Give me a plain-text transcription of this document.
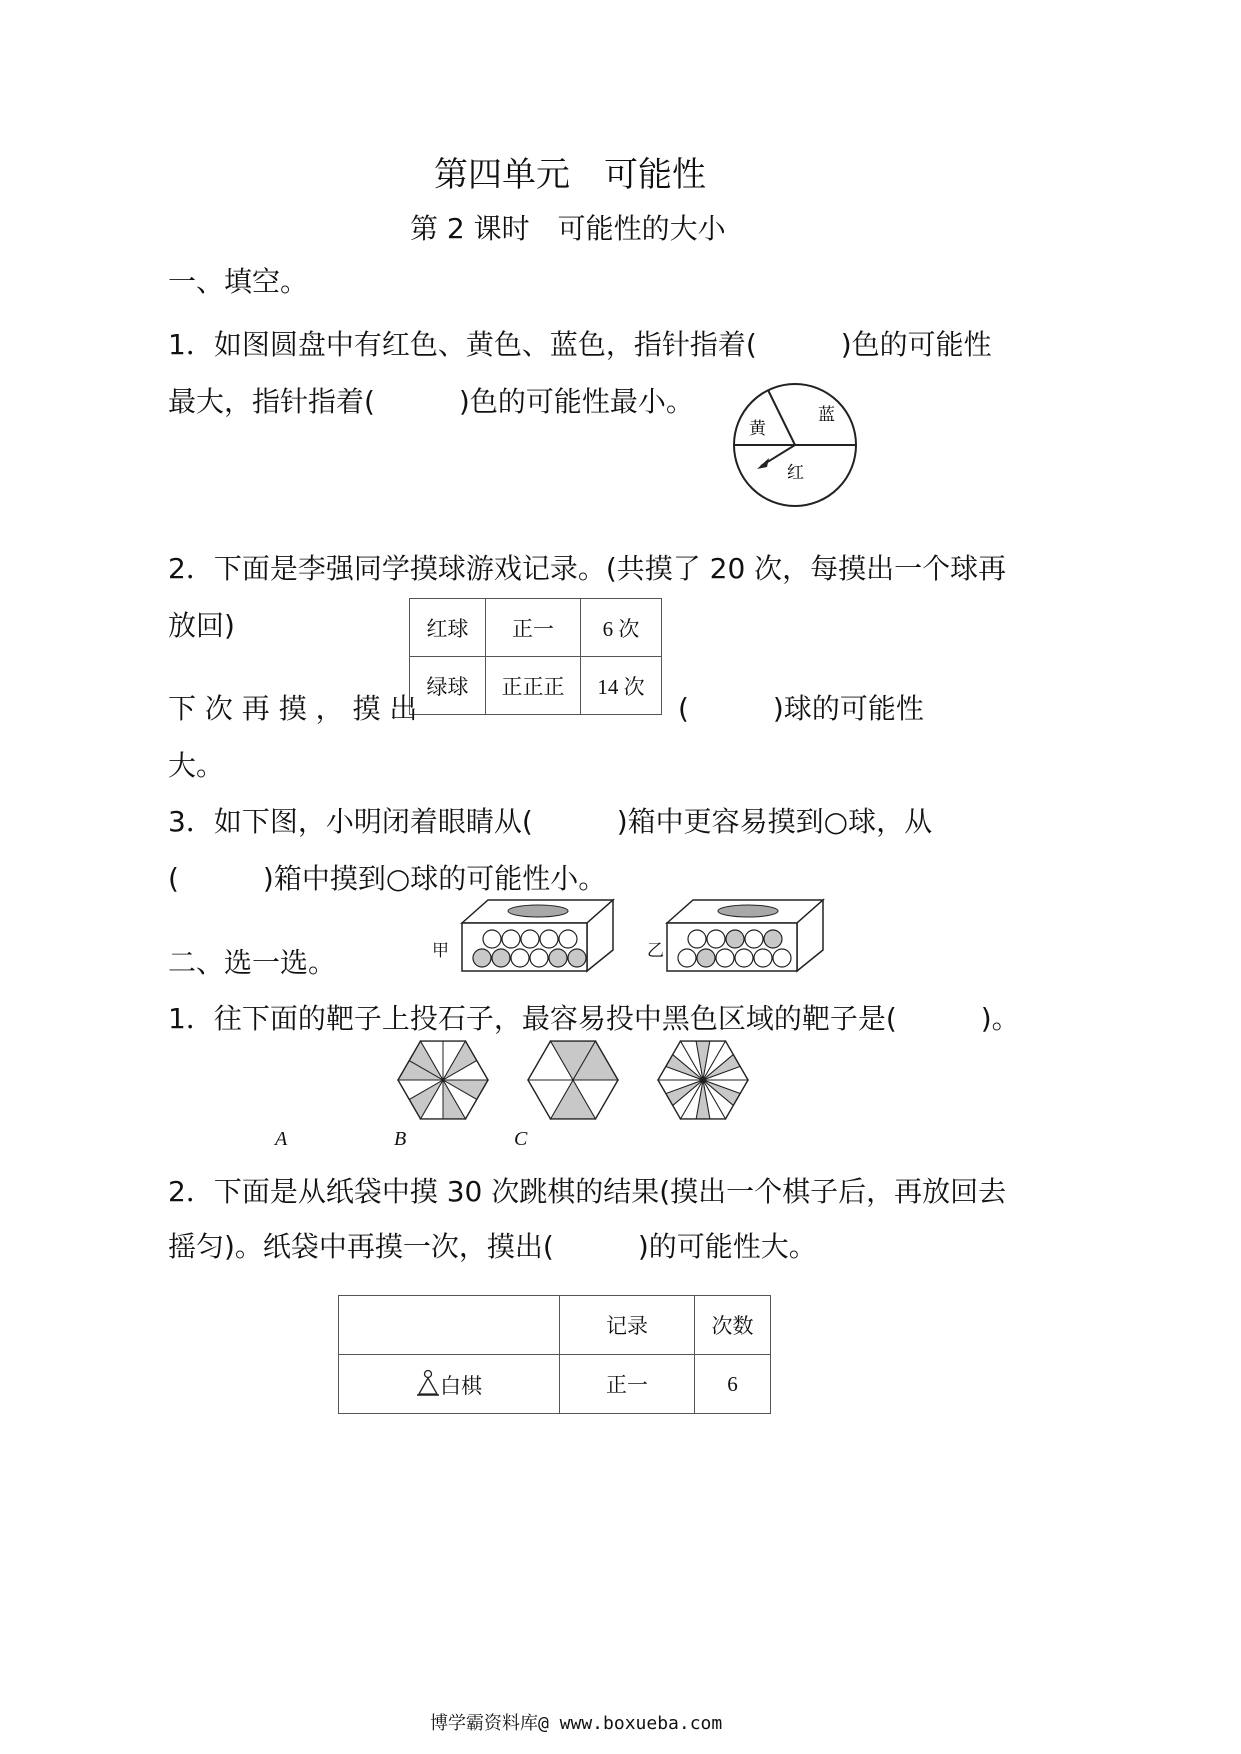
第四单元　可能性
第 2 课时　可能性的大小
一、填空。
1．如图圆盘中有红色、黄色、蓝色，指针指着(　　　)色的可能性
最大，指针指着(　　　)色的可能性最小。
黄
蓝
红
2．下面是李强同学摸球游戏记录。(共摸了 20 次，每摸出一个球再
放回)	红球	正一	6 次
绿球	正正正	14 次
下 次 再 摸 ， 摸 出	(　　　)球的可能性
大。
3．如下图，小明闭着眼睛从(　　　)箱中更容易摸到○球，从
(　　　)箱中摸到○球的可能性小。
甲	乙
二、选一选。
1．往下面的靶子上投石子，最容易投中黑色区域的靶子是(　　　)。
A	B	C
2．下面是从纸袋中摸 30 次跳棋的结果(摸出一个棋子后，再放回去
摇匀)。纸袋中再摸一次，摸出(　　　)的可能性大。
	记录	次数
白棋	正一	6
博学霸资料库@ www.boxueba.com
